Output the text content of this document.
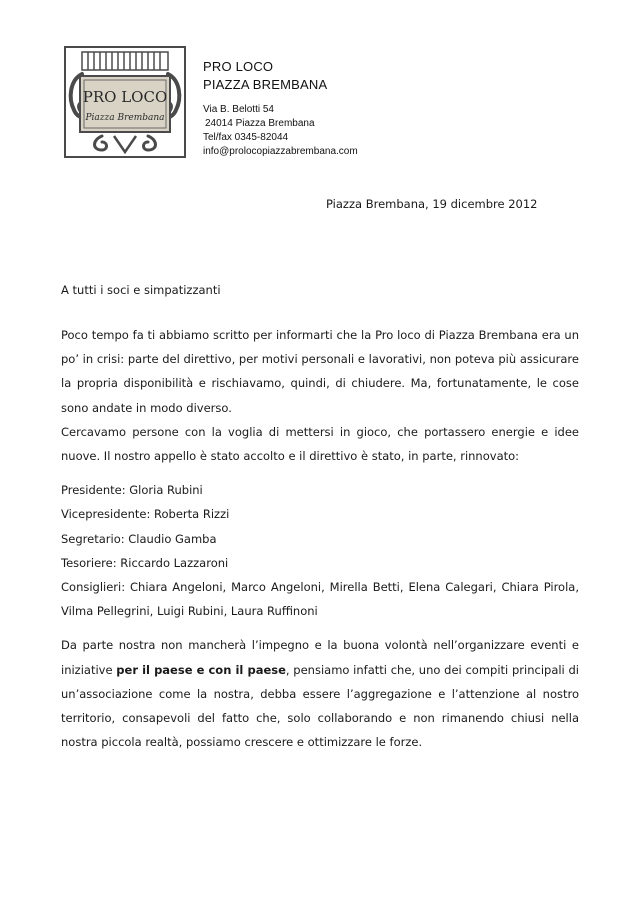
PRO LOCO
Piazza Brembana
PRO LOCO
PIAZZA BREMBANA
Via B. Belotti 54
24014 Piazza Brembana
Tel/fax 0345-82044
info@prolocopiazzabrembana.com
Piazza Brembana, 19 dicembre 2012
A tutti i soci e simpatizzanti

Poco tempo fa ti abbiamo scritto per informarti che la Pro loco di Piazza Brembana era un po’ in crisi: parte del direttivo, per motivi personali e lavorativi, non poteva più assicurare la propria disponibilità e rischiavamo, quindi, di chiudere. Ma, fortunatamente, le cose sono andate in modo diverso.

Cercavamo persone con la voglia di mettersi in gioco, che portassero energie e idee nuove. Il nostro appello è stato accolto e il direttivo è stato, in parte, rinnovato:

Presidente: Gloria Rubini

Vicepresidente: Roberta Rizzi

Segretario: Claudio Gamba

Tesoriere: Riccardo Lazzaroni

Consiglieri: Chiara Angeloni, Marco Angeloni, Mirella Betti, Elena Calegari, Chiara Pirola, Vilma Pellegrini, Luigi Rubini, Laura Ruffinoni

Da parte nostra non mancherà l’impegno e la buona volontà nell’organizzare eventi e iniziative per il paese e con il paese, pensiamo infatti che, uno dei compiti principali di un’associazione come la nostra, debba essere l’aggregazione e l’attenzione al nostro territorio, consapevoli del fatto che, solo collaborando e non rimanendo chiusi nella nostra piccola realtà, possiamo crescere e ottimizzare le forze.
